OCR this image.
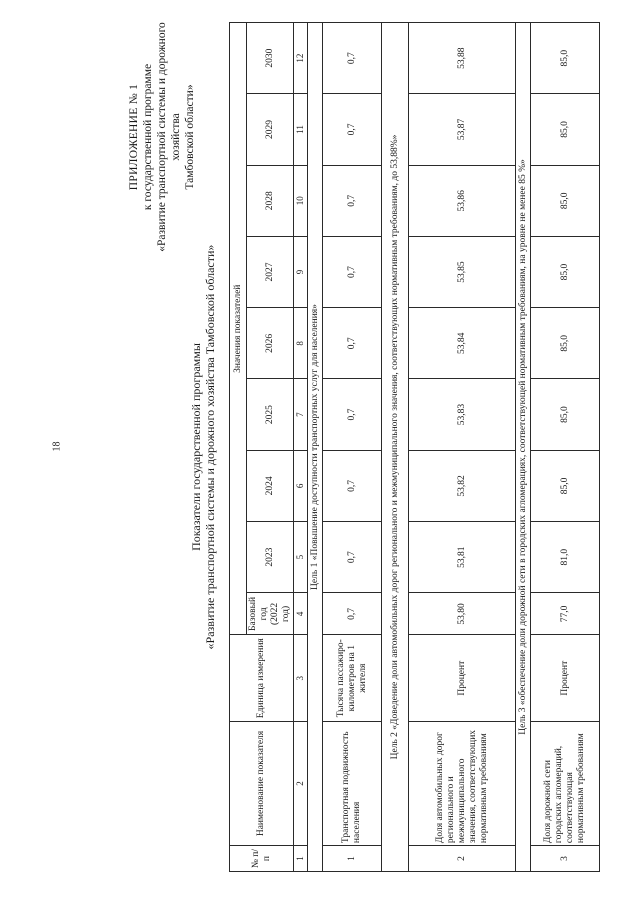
18
ПРИЛОЖЕНИЕ № 1 к государственной программе «Развитие транспортной системы и дорожного хозяйства Тамбовской области»
Показатели государственной программы «Развитие транспортной системы и дорожного хозяйства Тамбовской области»
№ п/п	Наименование показателя	Единица измерения	Значения показателей								
			Базовый год (2022 год)	2023	2024	2025	2026	2027	2028	2029	2030
1	2	3	4	5	6	7	8	9	10	11	12
Цель 1 «Повышение доступности транспортных услуг для населения»											
1	Транспортная подвижность населения	Тысяча пассажиро-километров на 1 жителя	0,7	0,7	0,7	0,7	0,7	0,7	0,7	0,7	0,7
Цель 2 «Доведение доли автомобильных дорог регионального и межмуниципального значения, соответствующих нормативным требованиям, до 53,88%»											
2	Доля автомобильных дорог регионального и межмуниципального значения, соответствующих нормативным требованиям	Процент	53,80	53,81	53,82	53,83	53,84	53,85	53,86	53,87	53,88
Цель 3 «обеспечение доли дорожной сети в городских агломерациях, соответствующей нормативным требованиям, на уровне не менее 85 %»											
3	Доля дорожной сети городских агломераций, соответствующая нормативным требованиям	Процент	77,0	81,0	85,0	85,0	85,0	85,0	85,0	85,0	85,0
